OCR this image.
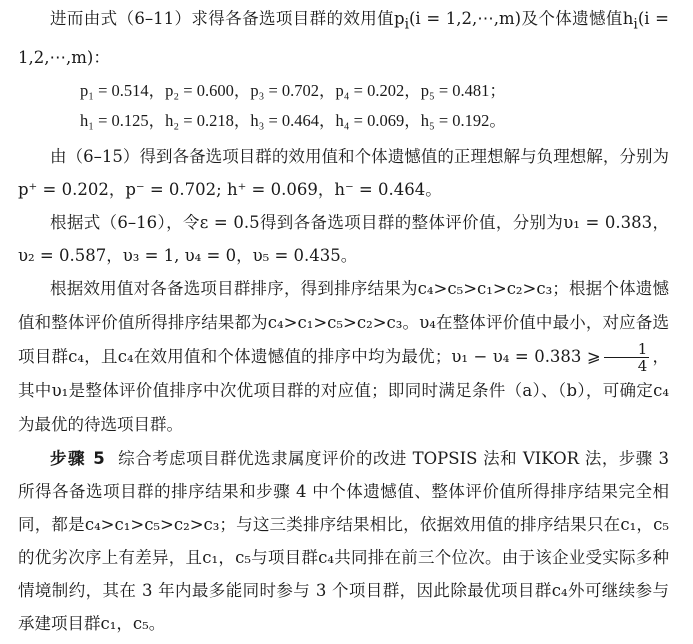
进而由式（6–11）求得各备选项目群的效用值$p_i(i$ = 1,2,⋯,m)及个体遗憾值$h_i(i$ = 1,2,⋯,m)：

p₁ = 0.514，p₂ = 0.600，p₃ = 0.702，p₄ = 0.202，p₅ = 0.481；
h₁ = 0.125，h₂ = 0.218，h₃ = 0.464，h₄ = 0.069，h₅ = 0.192。

由（6–15）得到各备选项目群的效用值和个体遗憾值的正理想解与负理想解，分别为p⁺ = 0.202，p⁻ = 0.702; h⁺ = 0.069，h⁻ = 0.464。

根据式（6–16），令ε = 0.5得到各备选项目群的整体评价值，分别为υ₁ = 0.383，υ₂ = 0.587，υ₃ = 1, υ₄ = 0，υ₅ = 0.435。

根据效用值对各备选项目群排序，得到排序结果为c₄>c₅>c₁>c₂>c₃；根据个体遗憾值和整体评价值所得排序结果都为c₄>c₁>c₅>c₂>c₃。υ₄在整体评价值中最小，对应备选项目群c₄，且c₄在效用值和个体遗憾值的排序中均为最优；υ₁ − υ₄ = 0.383 ⩾ $\frac{1}{4}$ ，其中υ₁是整体评价值排序中次优项目群的对应值；即同时满足条件（a）、（b），可确定c₄为最优的待选项目群。

步骤 5 综合考虑项目群优选隶属度评价的改进 TOPSIS 法和 VIKOR 法，步骤 3 所得各备选项目群的排序结果和步骤 4 中个体遗憾值、整体评价值所得排序结果完全相同，都是c₄>c₁>c₅>c₂>c₃；与这三类排序结果相比，依据效用值的排序结果只在c₁，c₅的优劣次序上有差异，且c₁，c₅与项目群c₄共同排在前三个位次。由于该企业受实际多种情境制约，其在 3 年内最多能同时参与 3 个项目群，因此除最优项目群c₄外可继续参与承建项目群c₁，c₅。
